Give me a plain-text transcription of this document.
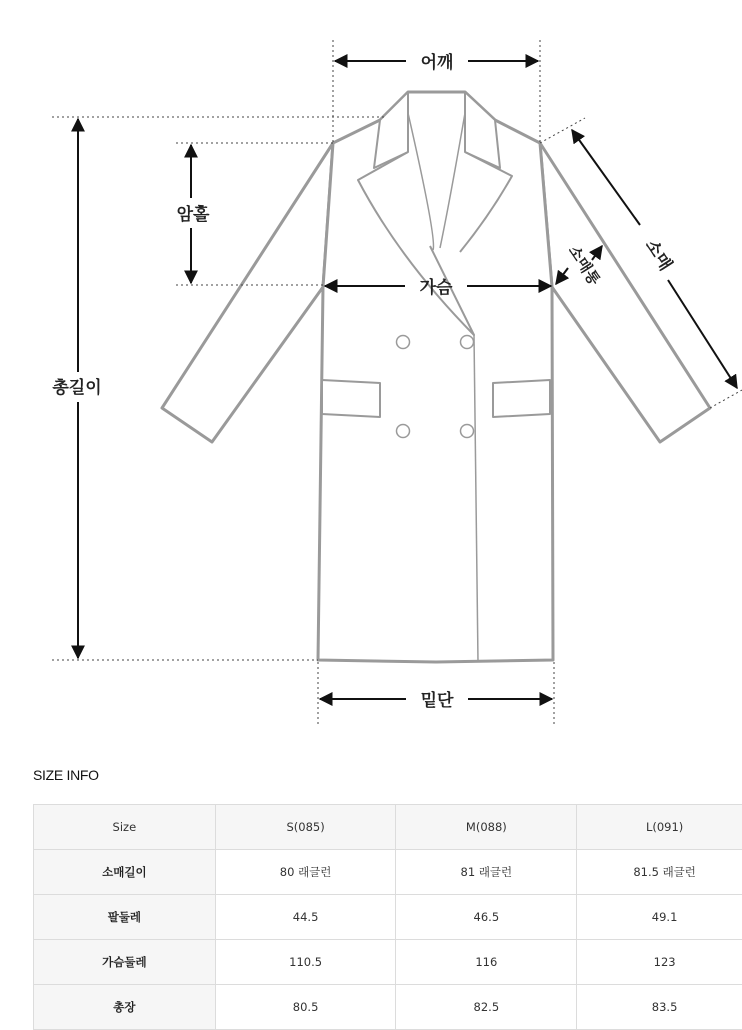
어깨
암홀
가슴
총길이
밑단
소매
소매통
SIZE INFO
Size	S(085)	M(088)	L(091)
소매길이	80 래글런	81 래글런	81.5 래글런
팔둘레	44.5	46.5	49.1
가슴둘레	110.5	116	123
총장	80.5	82.5	83.5
